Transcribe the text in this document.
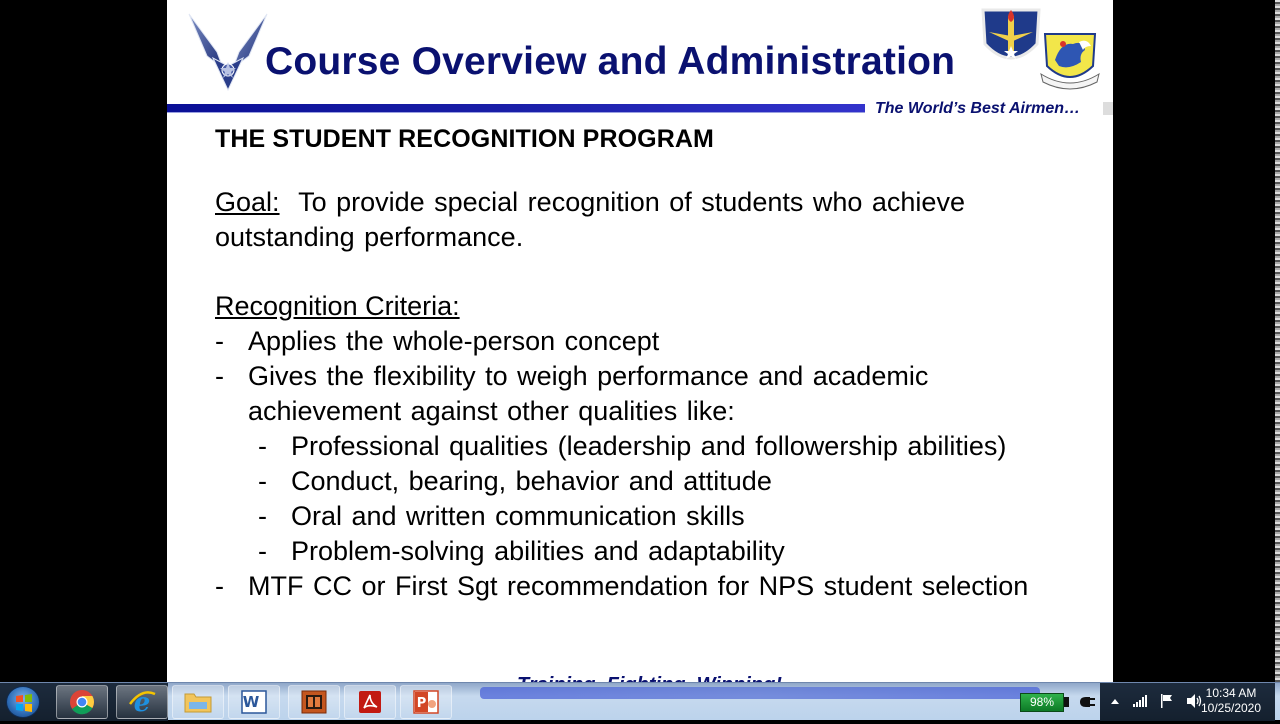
Course Overview and Administration
The World’s Best Airmen…
THE STUDENT RECOGNITION PROGRAM
Goal: To provide special recognition of students who achieve
outstanding performance.
Recognition Criteria:
- Applies the whole-person concept
- Gives the flexibility to weigh performance and academic
achievement against other qualities like:
- Professional qualities (leadership and followership abilities)
- Conduct, bearing, behavior and attitude
- Oral and written communication skills
- Problem-solving abilities and adaptability
- MTF CC or First Sgt recommendation for NPS student selection
e	W	P	98%
10:34 AM
10/25/2020
